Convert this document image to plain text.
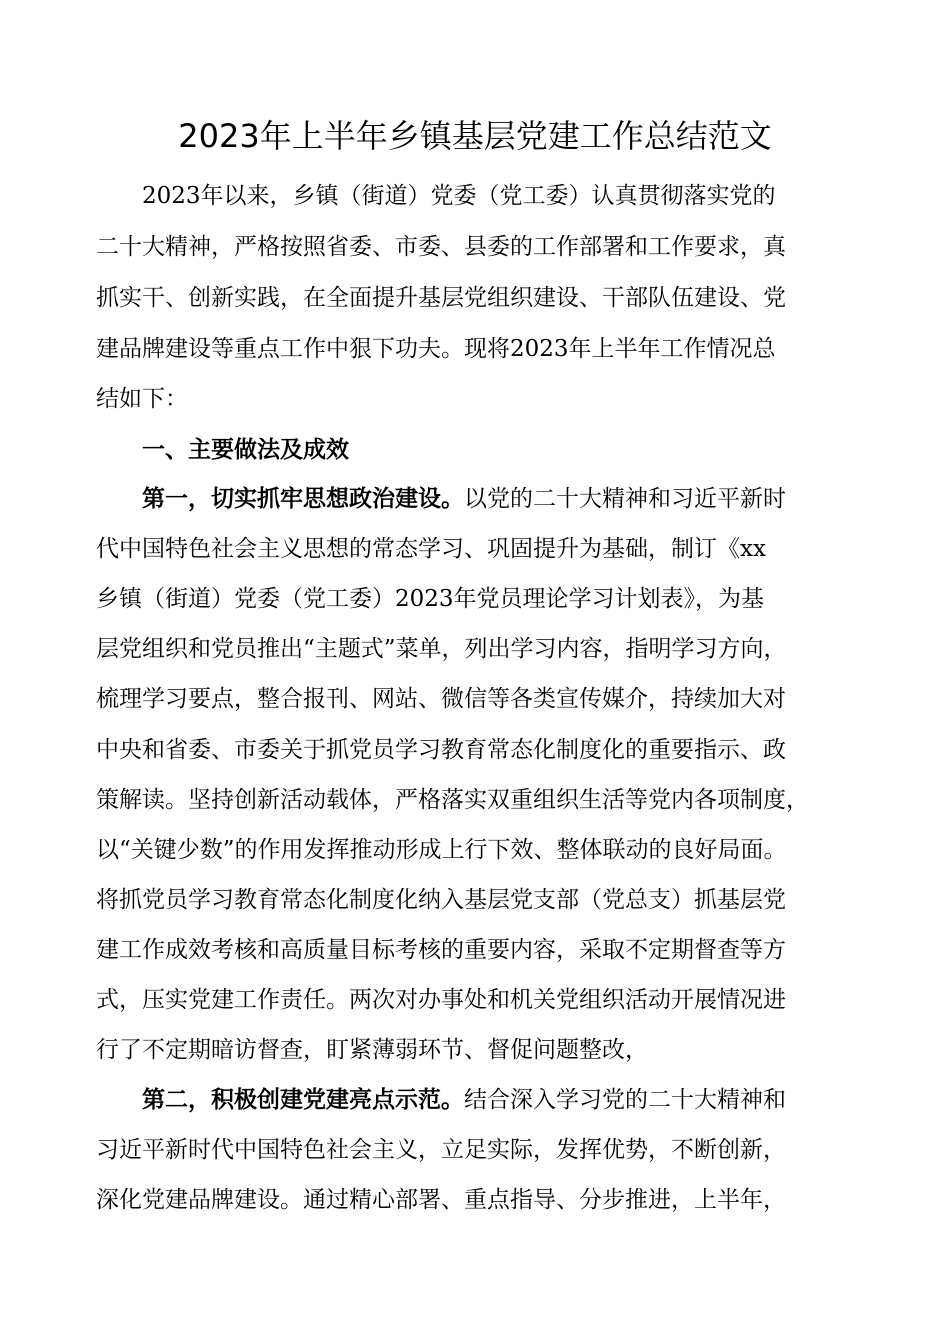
2023年上半年乡镇基层党建工作总结范文
2023年以来，乡镇（街道）党委（党工委）认真贯彻落实党的
二十大精神，严格按照省委、市委、县委的工作部署和工作要求，真
抓实干、创新实践，在全面提升基层党组织建设、干部队伍建设、党
建品牌建设等重点工作中狠下功夫。现将2023年上半年工作情况总
结如下：
一、主要做法及成效
第一，切实抓牢思想政治建设。以党的二十大精神和习近平新时
代中国特色社会主义思想的常态学习、巩固提升为基础，制订《xx
乡镇（街道）党委（党工委）2023年党员理论学习计划表》，为基
层党组织和党员推出“主题式”菜单，列出学习内容，指明学习方向，
梳理学习要点，整合报刊、网站、微信等各类宣传媒介，持续加大对
中央和省委、市委关于抓党员学习教育常态化制度化的重要指示、政
策解读。坚持创新活动载体，严格落实双重组织生活等党内各项制度，
以“关键少数”的作用发挥推动形成上行下效、整体联动的良好局面。
将抓党员学习教育常态化制度化纳入基层党支部（党总支）抓基层党
建工作成效考核和高质量目标考核的重要内容，采取不定期督查等方
式，压实党建工作责任。两次对办事处和机关党组织活动开展情况进
行了不定期暗访督查，盯紧薄弱环节、督促问题整改，
第二，积极创建党建亮点示范。结合深入学习党的二十大精神和
习近平新时代中国特色社会主义，立足实际，发挥优势，不断创新，
深化党建品牌建设。通过精心部署、重点指导、分步推进，上半年，
